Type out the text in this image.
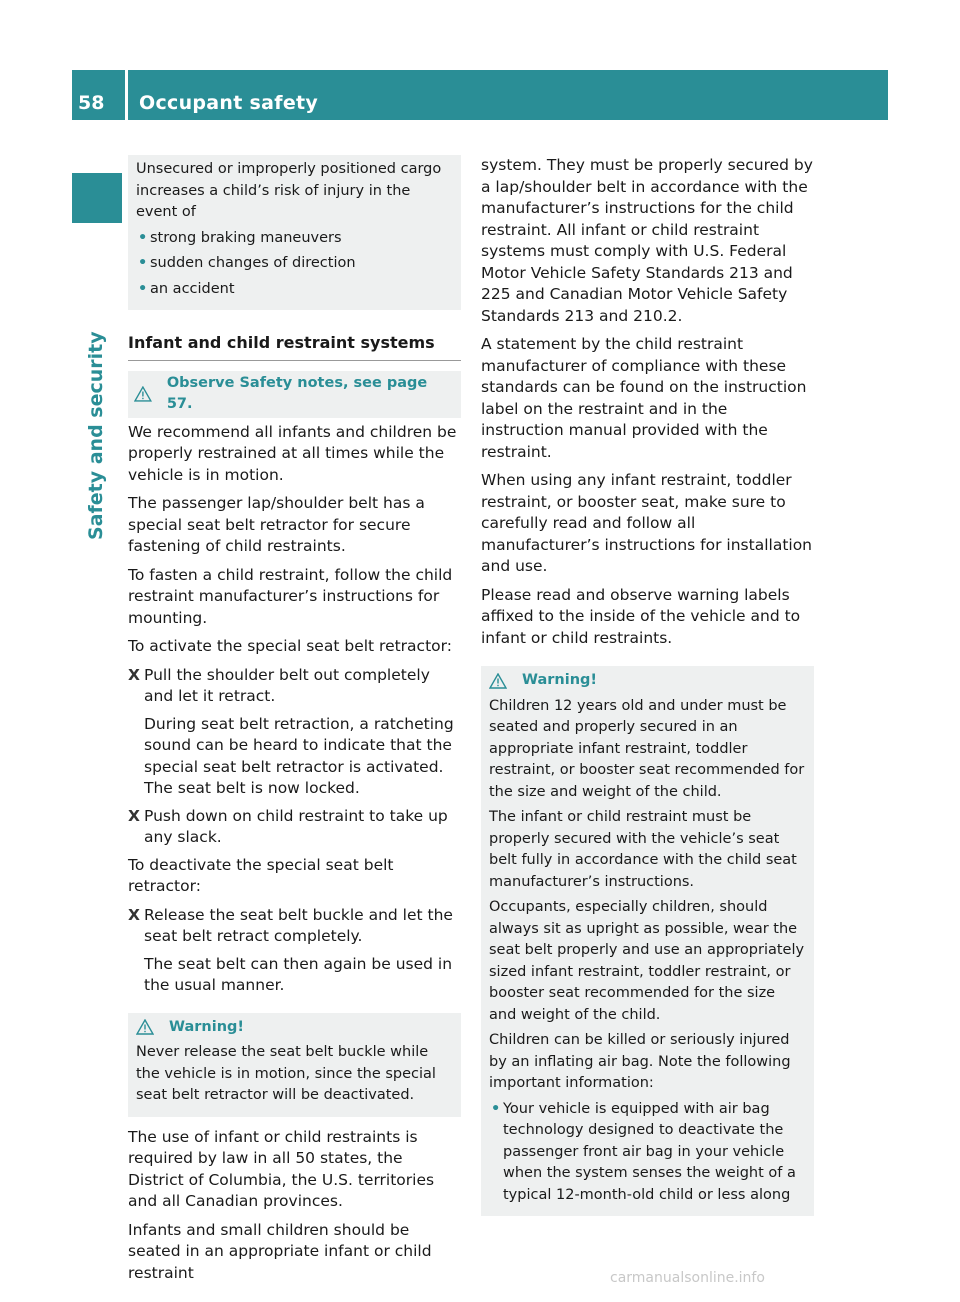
58 Occupant safety
Safety and security

Unsecured or improperly positioned cargo increases a child’s risk of injury in the event of

• strong braking maneuvers
• sudden changes of direction
• an accident
Infant and child restraint systems
Observe Safety notes, see page 57.

We recommend all infants and children be properly restrained at all times while the vehicle is in motion.

The passenger lap/shoulder belt has a special seat belt retractor for secure fastening of child restraints.

To fasten a child restraint, follow the child restraint manufacturer’s instructions for mounting.

To activate the special seat belt retractor:

X Pull the shoulder belt out completely and let it retract.
During seat belt retraction, a ratcheting sound can be heard to indicate that the special seat belt retractor is activated. The seat belt is now locked.
X Push down on child restraint to take up any slack.

To deactivate the special seat belt retractor:

X Release the seat belt buckle and let the seat belt retract completely.
The seat belt can then again be used in the usual manner.
Warning!

Never release the seat belt buckle while the vehicle is in motion, since the special seat belt retractor will be deactivated.

The use of infant or child restraints is required by law in all 50 states, the District of Columbia, the U.S. territories and all Canadian provinces.

Infants and small children should be seated in an appropriate infant or child restraint

system. They must be properly secured by a lap/shoulder belt in accordance with the manufacturer’s instructions for the child restraint. All infant or child restraint systems must comply with U.S. Federal Motor Vehicle Safety Standards 213 and 225 and Canadian Motor Vehicle Safety Standards 213 and 210.2.

A statement by the child restraint manufacturer of compliance with these standards can be found on the instruction label on the restraint and in the instruction manual provided with the restraint.

When using any infant restraint, toddler restraint, or booster seat, make sure to carefully read and follow all manufacturer’s instructions for installation and use.

Please read and observe warning labels affixed to the inside of the vehicle and to infant or child restraints.

Warning!

Children 12 years old and under must be seated and properly secured in an appropriate infant restraint, toddler restraint, or booster seat recommended for the size and weight of the child.

The infant or child restraint must be properly secured with the vehicle’s seat belt fully in accordance with the child seat manufacturer’s instructions.

Occupants, especially children, should always sit as upright as possible, wear the seat belt properly and use an appropriately sized infant restraint, toddler restraint, or booster seat recommended for the size and weight of the child.

Children can be killed or seriously injured by an inflating air bag. Note the following important information:

• Your vehicle is equipped with air bag technology designed to deactivate the passenger front air bag in your vehicle when the system senses the weight of a typical 12-month-old child or less along
carmanualsonline.info
